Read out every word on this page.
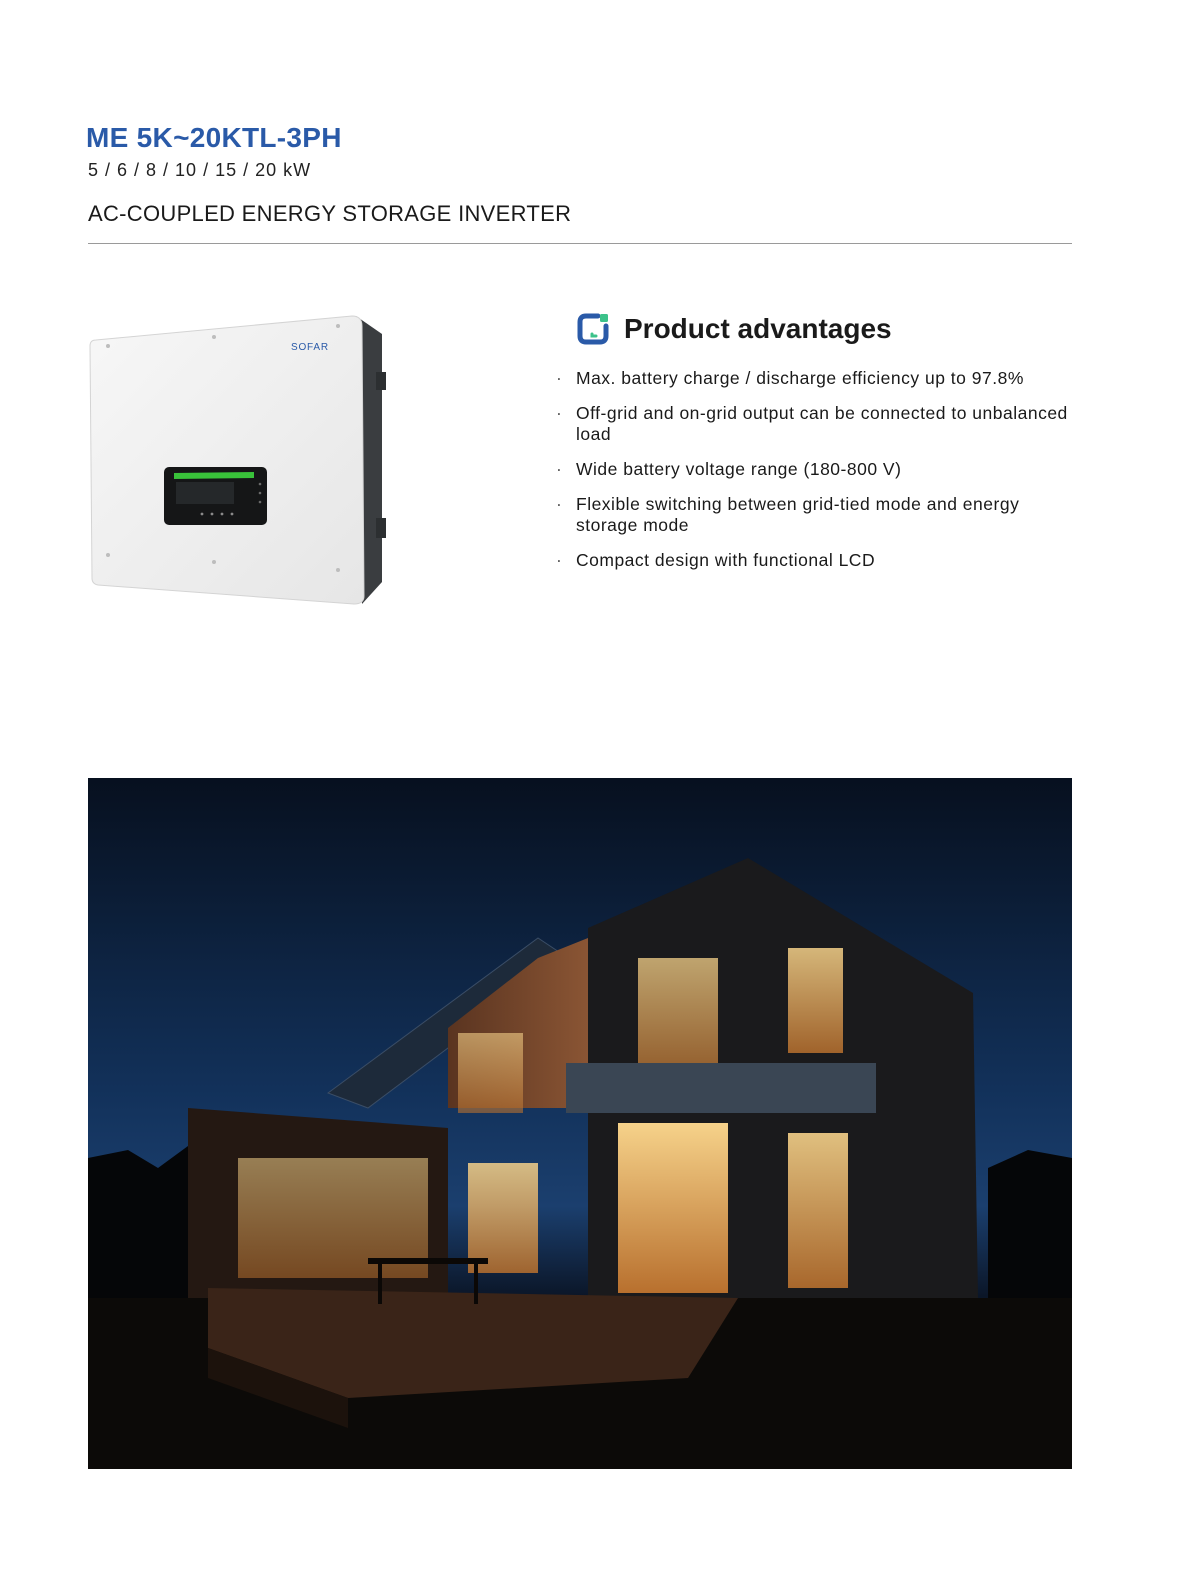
ME 5K~20KTL-3PH
5 / 6 / 8 / 10 / 15 / 20 kW
AC-COUPLED ENERGY STORAGE INVERTER
SOFAR
Product advantages
· Max. battery charge / discharge efficiency up to 97.8%
· Off-grid and on-grid output can be connected to unbalanced load
· Wide battery voltage range (180-800 V)
· Flexible switching between grid-tied mode and energy storage mode
· Compact design with functional LCD
